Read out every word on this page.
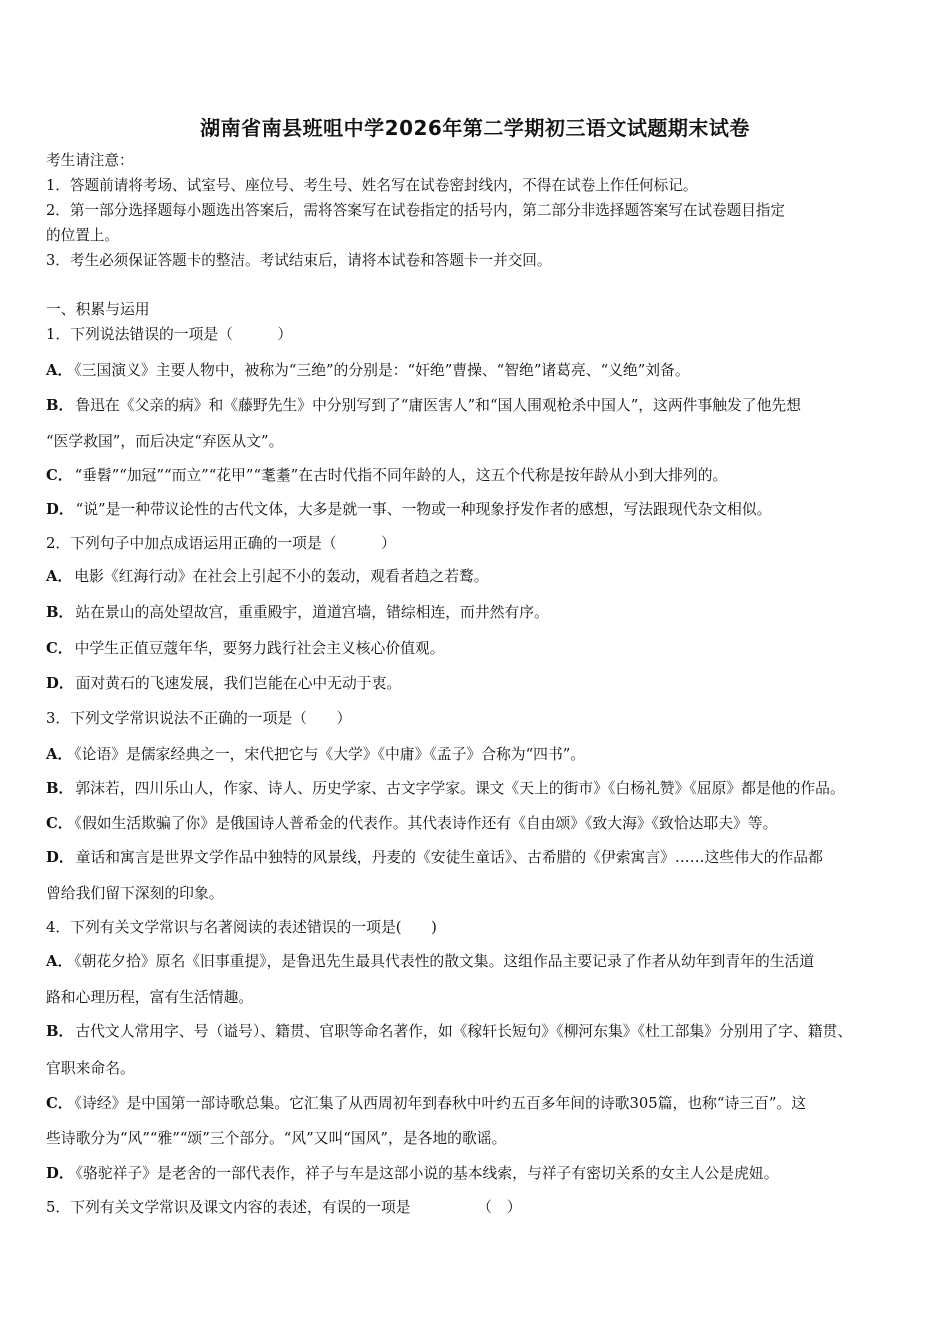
湖南省南县班咀中学2026年第二学期初三语文试题期末试卷
考生请注意：
1．答题前请将考场、试室号、座位号、考生号、姓名写在试卷密封线内，不得在试卷上作任何标记。
2．第一部分选择题每小题选出答案后，需将答案写在试卷指定的括号内，第二部分非选择题答案写在试卷题目指定
的位置上。
3．考生必须保证答题卡的整洁。考试结束后，请将本试卷和答题卡一并交回。
一、积累与运用
1．下列说法错误的一项是（　　　）
A． 《三国演义》主要人物中，被称为“三绝”的分别是：“奸绝”曹操、“智绝”诸葛亮、“义绝”刘备。
B． 鲁迅在《父亲的病》和《藤野先生》中分别写到了“庸医害人”和“国人围观枪杀中国人”，这两件事触发了他先想
“医学救国”，而后决定“弃医从文”。
C． “垂髫”“加冠”“而立”“花甲”“耄耋”在古时代指不同年龄的人，这五个代称是按年龄从小到大排列的。
D． “说”是一种带议论性的古代文体，大多是就一事、一物或一种现象抒发作者的感想，写法跟现代杂文相似。
2．下列句子中加点成语运用正确的一项是（　　　）
A． 电影《红海行动》在社会上引起不小的轰动，观看者趋之若鹜。
B． 站在景山的高处望故宫，重重殿宇，道道宫墙，错综相连，而井然有序。
C． 中学生正值豆蔻年华，要努力践行社会主义核心价值观。
D． 面对黄石的飞速发展，我们岂能在心中无动于衷。
3．下列文学常识说法不正确的一项是（　　）
A． 《论语》是儒家经典之一，宋代把它与《大学》《中庸》《孟子》合称为“四书”。
B． 郭沫若，四川乐山人，作家、诗人、历史学家、古文字学家。课文《天上的街市》《白杨礼赞》《屈原》都是他的作品。
C． 《假如生活欺骗了你》是俄国诗人普希金的代表作。其代表诗作还有《自由颂》《致大海》《致恰达耶夫》等。
D． 童话和寓言是世界文学作品中独特的风景线，丹麦的《安徒生童话》、古希腊的《伊索寓言》……这些伟大的作品都
曾给我们留下深刻的印象。
4．下列有关文学常识与名著阅读的表述错误的一项是(　　)
A． 《朝花夕拾》原名《旧事重提》，是鲁迅先生最具代表性的散文集。这组作品主要记录了作者从幼年到青年的生活道
路和心理历程，富有生活情趣。
B． 古代文人常用字、号（谥号）、籍贯、官职等命名著作，如《稼轩长短句》《柳河东集》《杜工部集》分别用了字、籍贯、
官职来命名。
C． 《诗经》是中国第一部诗歌总集。它汇集了从西周初年到春秋中叶约五百多年间的诗歌305篇，也称“诗三百”。这
些诗歌分为“风”“雅”“颂”三个部分。“风”又叫“国风”，是各地的歌谣。
D． 《骆驼祥子》是老舍的一部代表作，祥子与车是这部小说的基本线索，与祥子有密切关系的女主人公是虎妞。
5．下列有关文学常识及课文内容的表述，有误的一项是　　　　　（　）
